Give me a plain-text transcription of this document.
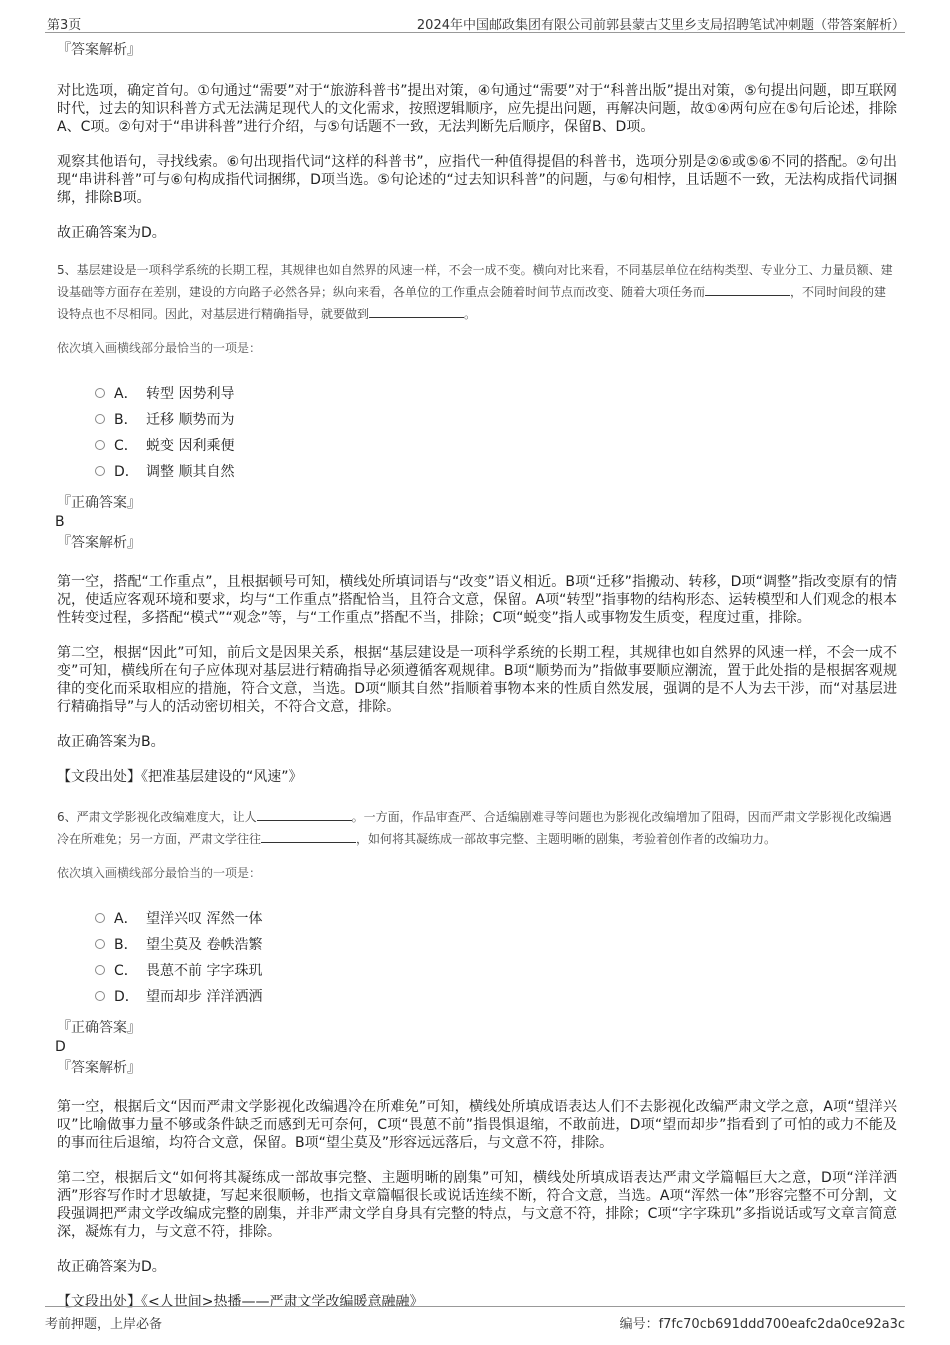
第3页	2024年中国邮政集团有限公司前郭县蒙古艾里乡支局招聘笔试冲刺题（带答案解析）

『答案解析』

对比选项，确定首句。①句通过“需要”对于“旅游科普书”提出对策，④句通过“需要”对于“科普出版”提出对策，⑤句提出问题，即互联网时代，过去的知识科普方式无法满足现代人的文化需求，按照逻辑顺序，应先提出问题，再解决问题，故①④两句应在⑤句后论述，排除A、C项。②句对于“串讲科普”进行介绍，与⑤句话题不一致，无法判断先后顺序，保留B、D项。

观察其他语句，寻找线索。⑥句出现指代词“这样的科普书”，应指代一种值得提倡的科普书，选项分别是②⑥或⑤⑥不同的搭配。②句出现“串讲科普”可与⑥句构成指代词捆绑，D项当选。⑤句论述的“过去知识科普”的问题，与⑥句相悖，且话题不一致，无法构成指代词捆绑，排除B项。

故正确答案为D。

5、基层建设是一项科学系统的长期工程，其规律也如自然界的风速一样，不会一成不变。横向对比来看，不同基层单位在结构类型、专业分工、力量员额、建设基础等方面存在差别，建设的方向路子必然各异；纵向来看，各单位的工作重点会随着时间节点而改变、随着大项任务而	，不同时间段的建设特点也不尽相同。因此，对基层进行精确指导，就要做到	。

依次填入画横线部分最恰当的一项是：

A． 转型 因势利导
B． 迁移 顺势而为
C． 蜕变 因利乘便
D． 调整 顺其自然

『正确答案』

B

『答案解析』

第一空，搭配“工作重点”，且根据顿号可知，横线处所填词语与“改变”语义相近。B项“迁移”指搬动、转移，D项“调整”指改变原有的情况，使适应客观环境和要求，均与“工作重点”搭配恰当，且符合文意，保留。A项“转型”指事物的结构形态、运转模型和人们观念的根本性转变过程，多搭配“模式”“观念”等，与“工作重点”搭配不当，排除；C项“蜕变”指人或事物发生质变，程度过重，排除。

第二空，根据“因此”可知，前后文是因果关系，根据“基层建设是一项科学系统的长期工程，其规律也如自然界的风速一样，不会一成不变”可知，横线所在句子应体现对基层进行精确指导必须遵循客观规律。B项“顺势而为”指做事要顺应潮流，置于此处指的是根据客观规律的变化而采取相应的措施，符合文意，当选。D项“顺其自然”指顺着事物本来的性质自然发展，强调的是不人为去干涉，而“对基层进行精确指导”与人的活动密切相关，不符合文意，排除。

故正确答案为B。

【文段出处】《把准基层建设的“风速”》

6、严肃文学影视化改编难度大，让人	。一方面，作品审查严、合适编剧难寻等问题也为影视化改编增加了阻碍，因而严肃文学影视化改编遇冷在所难免；另一方面，严肃文学往往	，如何将其凝练成一部故事完整、主题明晰的剧集，考验着创作者的改编功力。

依次填入画横线部分最恰当的一项是：

A． 望洋兴叹 浑然一体
B． 望尘莫及 卷帙浩繁
C． 畏葸不前 字字珠玑
D． 望而却步 洋洋洒洒

『正确答案』

D

『答案解析』

第一空，根据后文“因而严肃文学影视化改编遇冷在所难免”可知，横线处所填成语表达人们不去影视化改编严肃文学之意，A项“望洋兴叹”比喻做事力量不够或条件缺乏而感到无可奈何，C项“畏葸不前”指畏惧退缩，不敢前进，D项“望而却步”指看到了可怕的或力不能及的事而往后退缩，均符合文意，保留。B项“望尘莫及”形容远远落后，与文意不符，排除。

第二空，根据后文“如何将其凝练成一部故事完整、主题明晰的剧集”可知，横线处所填成语表达严肃文学篇幅巨大之意，D项“洋洋洒洒”形容写作时才思敏捷，写起来很顺畅，也指文章篇幅很长或说话连续不断，符合文意，当选。A项“浑然一体”形容完整不可分割，文段强调把严肃文学改编成完整的剧集，并非严肃文学自身具有完整的特点，与文意不符，排除；C项“字字珠玑”多指说话或写文章言简意深，凝炼有力，与文意不符，排除。

故正确答案为D。

【文段出处】《<人世间>热播——严肃文学改编暖意融融》

考前押题，上岸必备	编号：f7fc70cb691ddd700eafc2da0ce92a3c
